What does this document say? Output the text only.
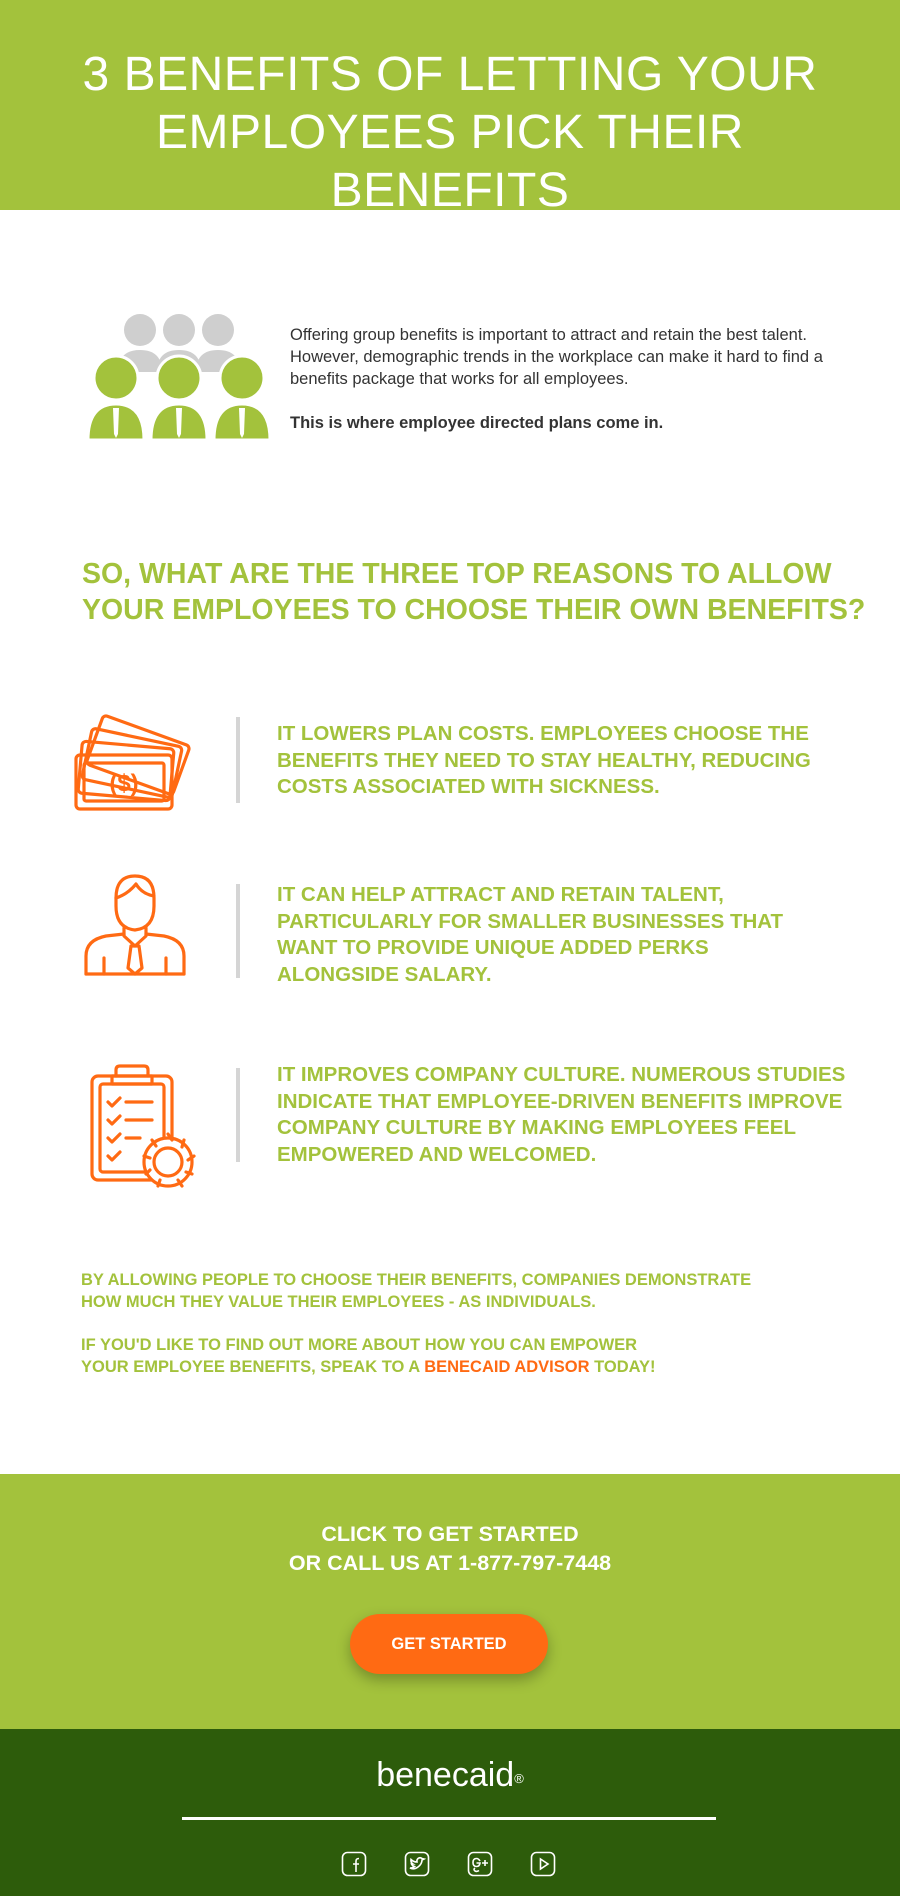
3 BENEFITS OF LETTING YOUR
EMPLOYEES PICK THEIR BENEFITS

Offering group benefits is important to attract and retain the best talent. However, demographic trends in the workplace can make it hard to find a benefits package that works for all employees.

This is where employee directed plans come in.

SO, WHAT ARE THE THREE TOP REASONS TO ALLOW
YOUR EMPLOYEES TO CHOOSE THEIR OWN BENEFITS?
($)
IT LOWERS PLAN COSTS. EMPLOYEES CHOOSE THE
BENEFITS THEY NEED TO STAY HEALTHY, REDUCING
COSTS ASSOCIATED WITH SICKNESS.
IT CAN HELP ATTRACT AND RETAIN TALENT,
PARTICULARLY FOR SMALLER BUSINESSES THAT
WANT TO PROVIDE UNIQUE ADDED PERKS
ALONGSIDE SALARY.
IT IMPROVES COMPANY CULTURE. NUMEROUS STUDIES
INDICATE THAT EMPLOYEE-DRIVEN BENEFITS IMPROVE
COMPANY CULTURE BY MAKING EMPLOYEES FEEL
EMPOWERED AND WELCOMED.
BY ALLOWING PEOPLE TO CHOOSE THEIR BENEFITS, COMPANIES DEMONSTRATE
HOW MUCH THEY VALUE THEIR EMPLOYEES - AS INDIVIDUALS.
IF YOU'D LIKE TO FIND OUT MORE ABOUT HOW YOU CAN EMPOWER
YOUR EMPLOYEE BENEFITS, SPEAK TO A BENECAID ADVISOR TODAY!
CLICK TO GET STARTED
OR CALL US AT 1-877-797-7448
GET STARTED
benecaid®
